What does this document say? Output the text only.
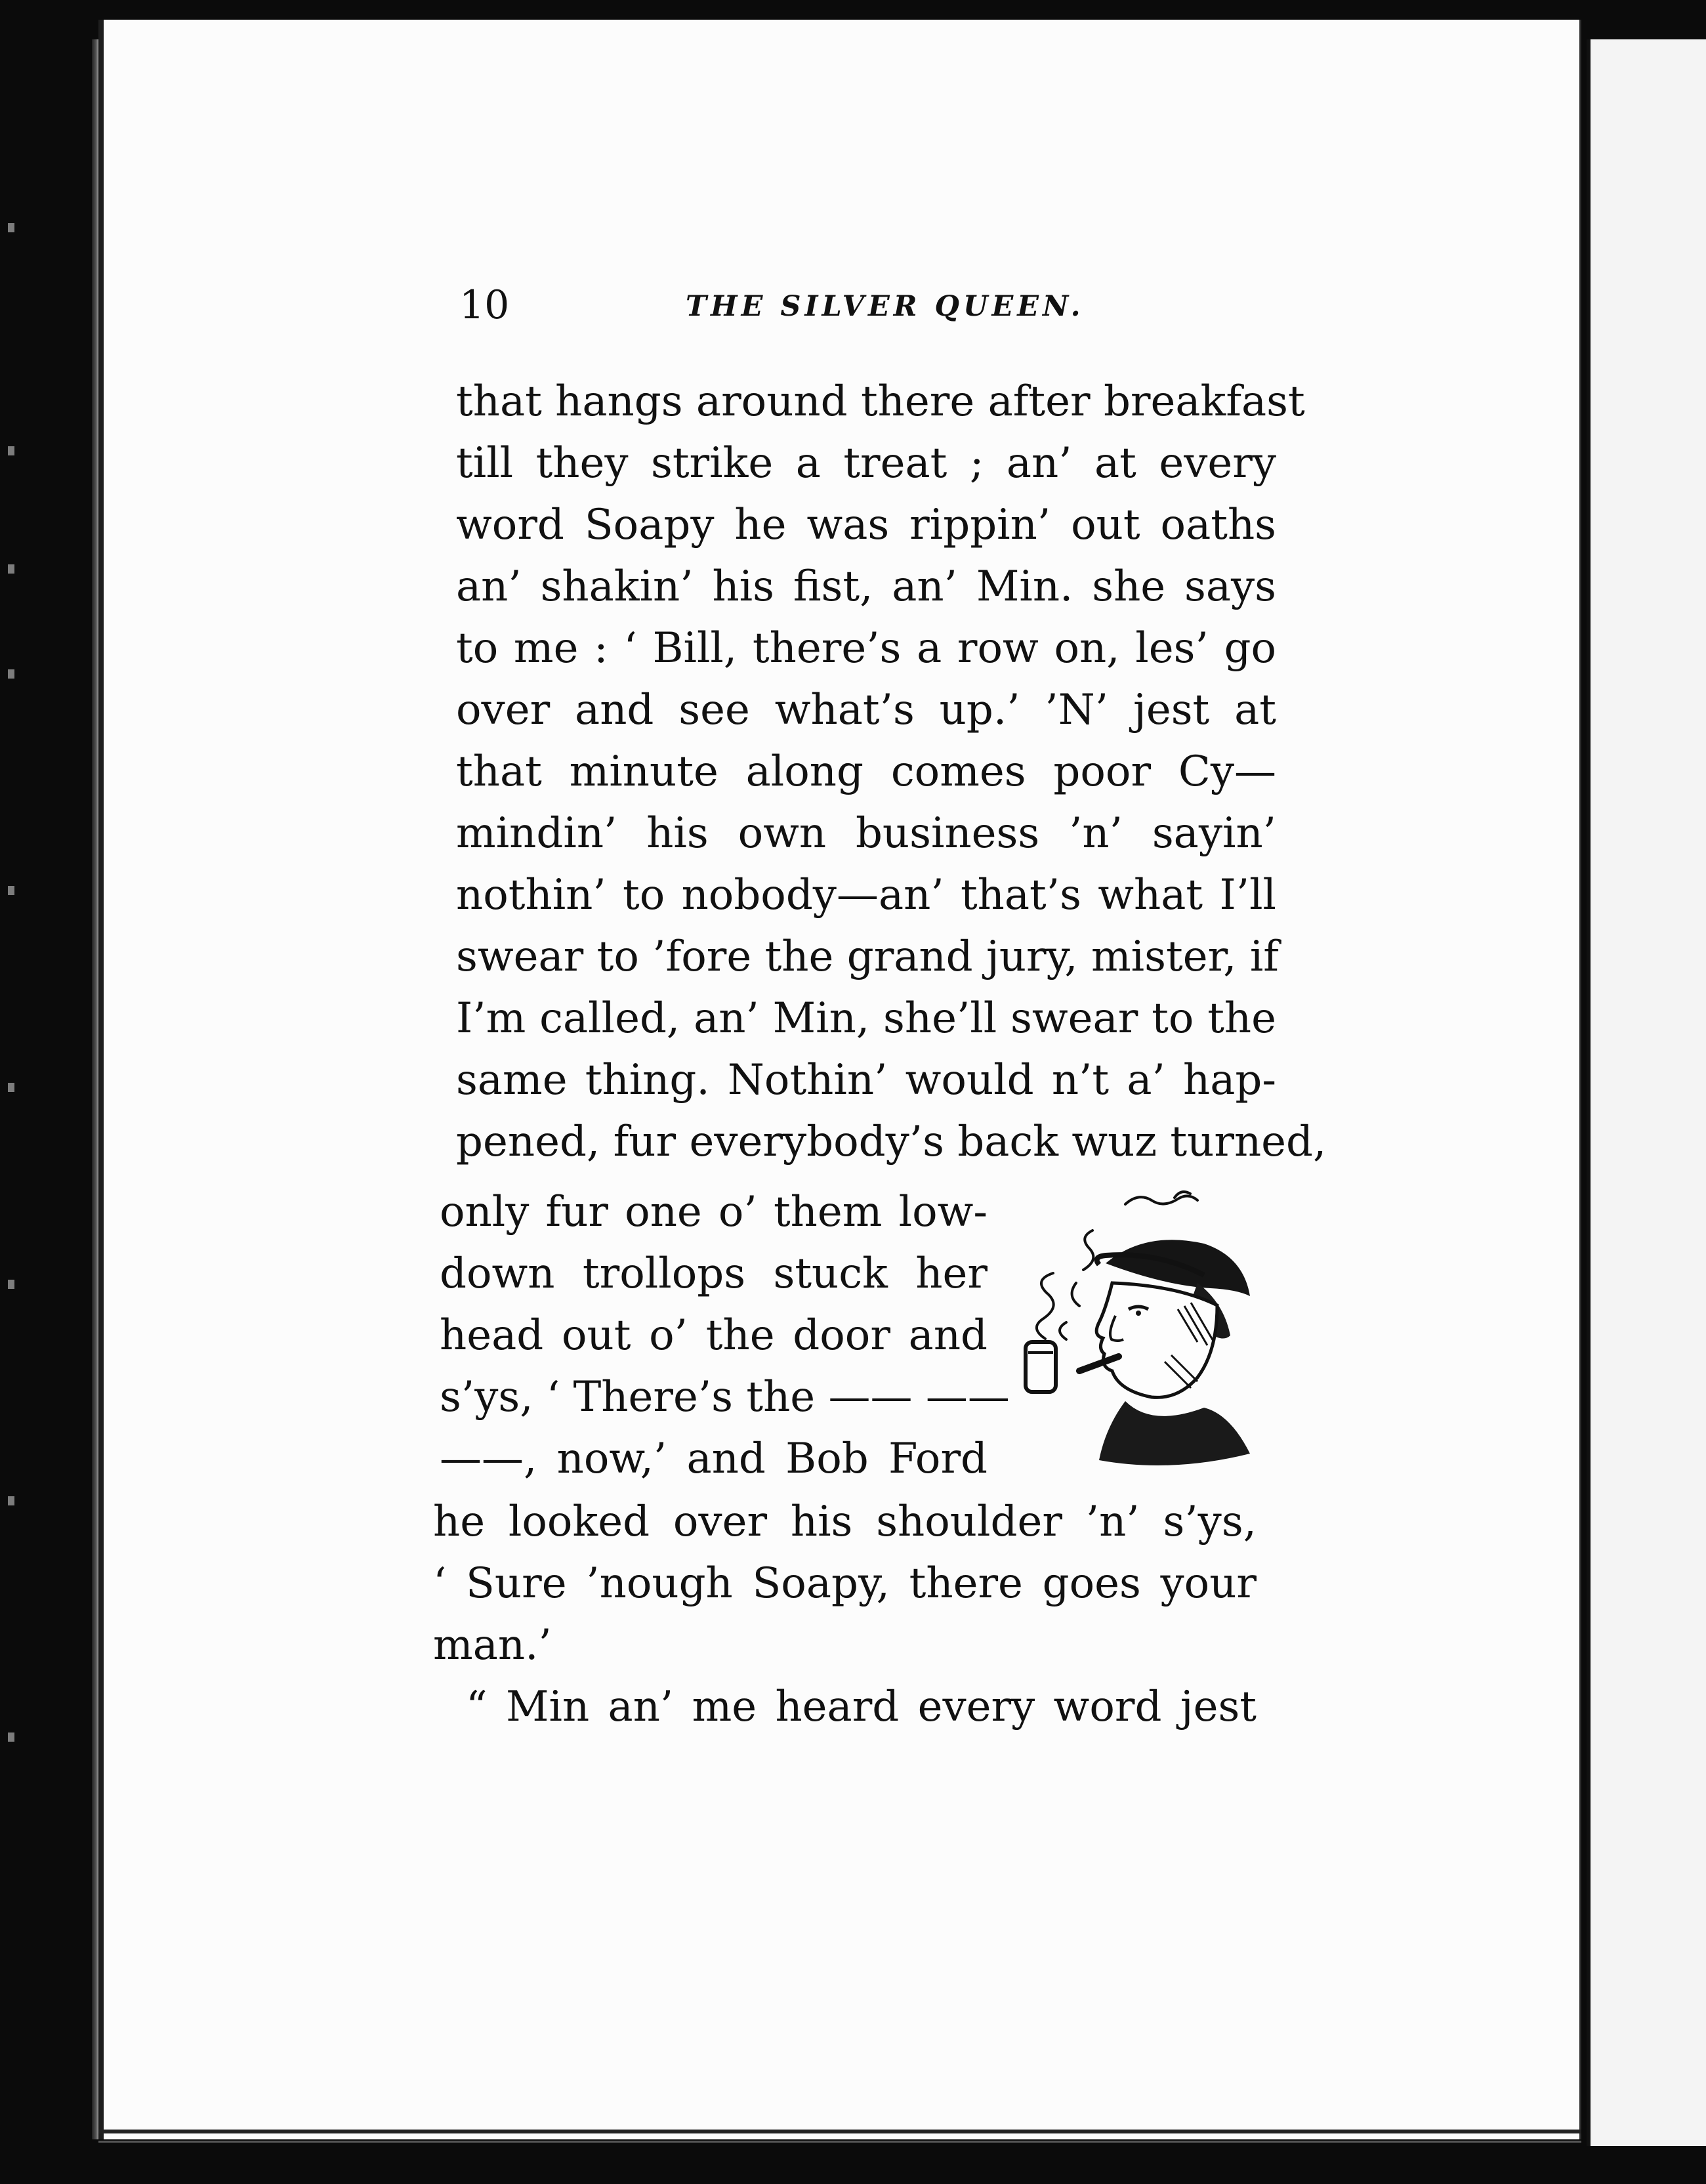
10	THE SILVER QUEEN.
that hangs around there after breakfast
till they strike a treat ; an’ at every
word Soapy he was rippin’ out oaths
an’ shakin’ his fist, an’ Min. she says
to me : ‘ Bill, there’s a row on, les’ go
over and see what’s up.’ ’N’ jest at
that minute along comes poor Cy—
mindin’ his own business ’n’ sayin’
nothin’ to nobody—an’ that’s what I’ll
swear to ’fore the grand jury, mister, if
I’m called, an’ Min, she’ll swear to the
same thing. Nothin’ would n’t a’ hap-
pened, fur everybody’s back wuz turned,
only fur one o’ them low-
down trollops stuck her
head out o’ the door and
s’ys, ‘ There’s the —— ——
——, now,’ and Bob Ford
he looked over his shoulder ’n’ s’ys,
‘ Sure ’nough Soapy, there goes your
man.’
“ Min an’ me heard every word jest
